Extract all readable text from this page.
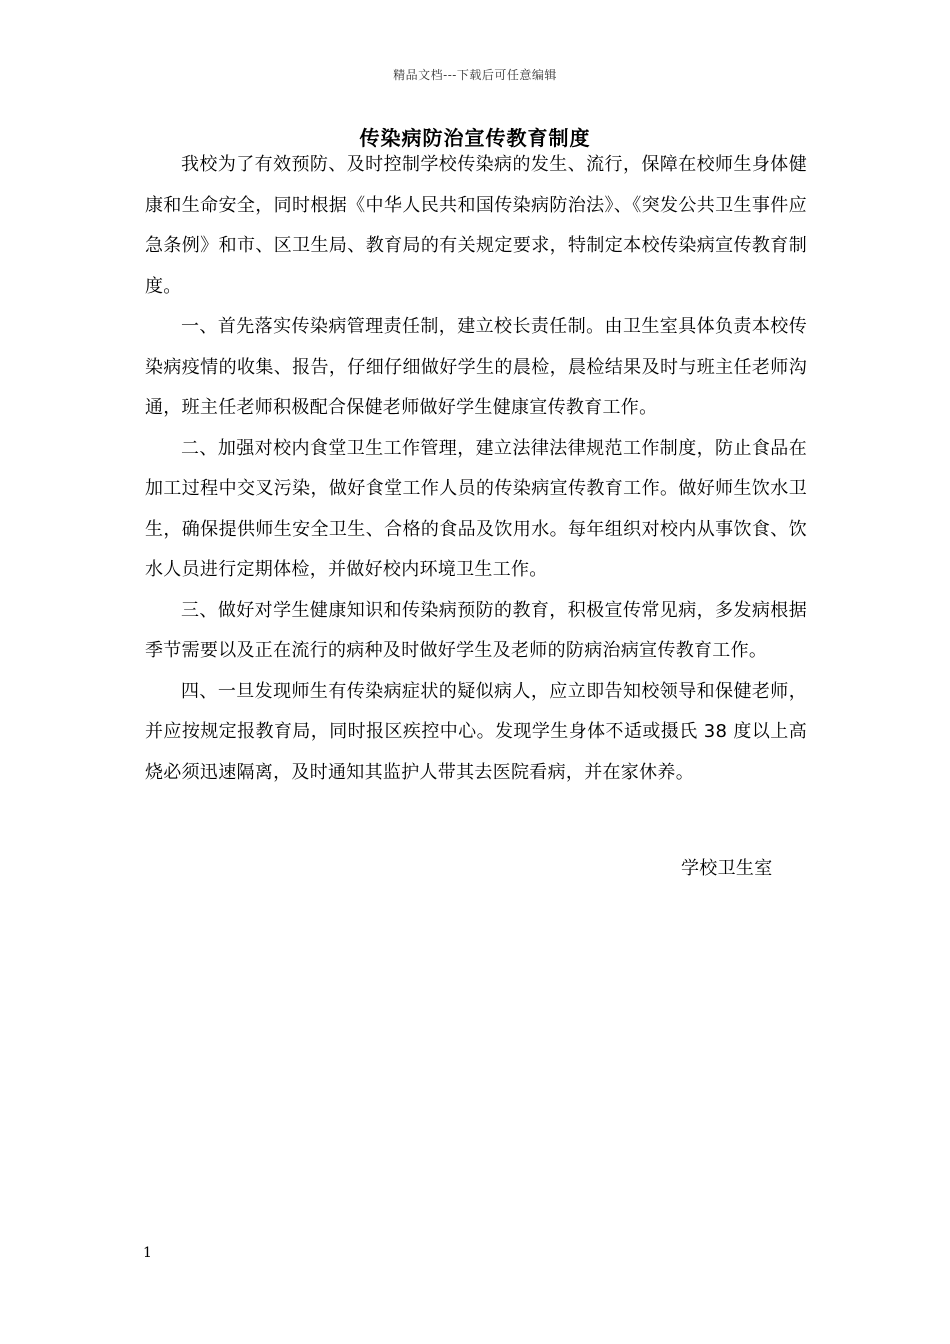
精品文档---下载后可任意编辑
传染病防治宣传教育制度

我校为了有效预防、及时控制学校传染病的发生、流行，保障在校师生身体健康和生命安全，同时根据《中华人民共和国传染病防治法》、《突发公共卫生事件应急条例》和市、区卫生局、教育局的有关规定要求，特制定本校传染病宣传教育制度。

一、首先落实传染病管理责任制，建立校长责任制。由卫生室具体负责本校传染病疫情的收集、报告，仔细仔细做好学生的晨检，晨检结果及时与班主任老师沟通，班主任老师积极配合保健老师做好学生健康宣传教育工作。

二、加强对校内食堂卫生工作管理，建立法律法律规范工作制度，防止食品在加工过程中交叉污染，做好食堂工作人员的传染病宣传教育工作。做好师生饮水卫生，确保提供师生安全卫生、合格的食品及饮用水。每年组织对校内从事饮食、饮水人员进行定期体检，并做好校内环境卫生工作。

三、做好对学生健康知识和传染病预防的教育，积极宣传常见病，多发病根据季节需要以及正在流行的病种及时做好学生及老师的防病治病宣传教育工作。

四、一旦发现师生有传染病症状的疑似病人，应立即告知校领导和保健老师，并应按规定报教育局，同时报区疾控中心。发现学生身体不适或摄氏 38 度以上高烧必须迅速隔离，及时通知其监护人带其去医院看病，并在家休养。

学校卫生室
1
